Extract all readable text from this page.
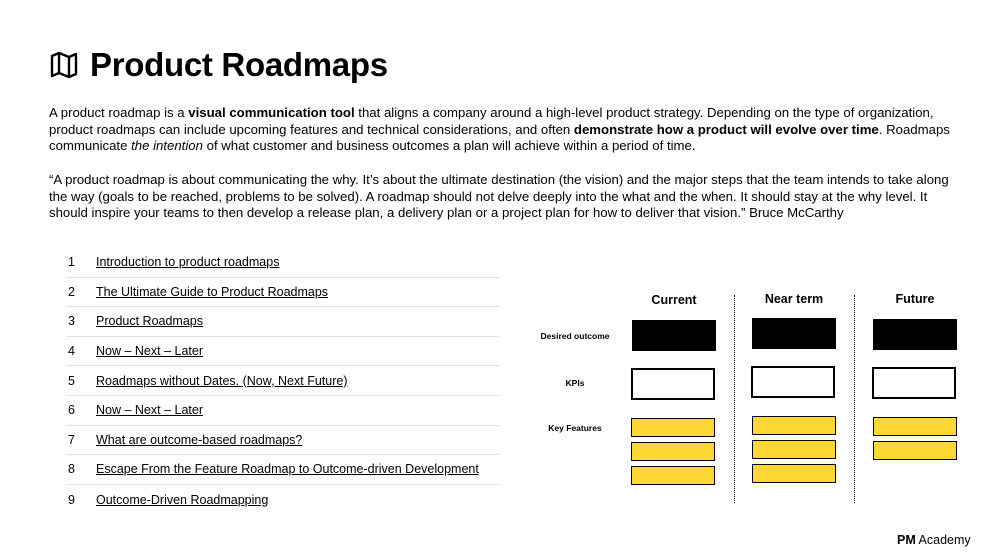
Product Roadmaps
A product roadmap is a visual communication tool that aligns a company around a high-level product strategy. Depending on the type of organization, product roadmaps can include upcoming features and technical considerations, and often demonstrate how a product will evolve over time. Roadmaps communicate the intention of what customer and business outcomes a plan will achieve within a period of time.
“A product roadmap is about communicating the why. It’s about the ultimate destination (the vision) and the major steps that the team intends to take along the way (goals to be reached, problems to be solved). A roadmap should not delve deeply into the what and the when. It should stay at the why level. It should inspire your teams to then develop a release plan, a delivery plan or a project plan for how to deliver that vision.” Bruce McCarthy
1	Introduction to product roadmaps
2	The Ultimate Guide to Product Roadmaps
3	Product Roadmaps
4	Now – Next – Later
5	Roadmaps without Dates. (Now, Next Future)
6	Now – Next – Later
7	What are outcome-based roadmaps?
8	Escape From the Feature Roadmap to Outcome-driven Development
9	Outcome-Driven Roadmapping
Current	Near term	Future
Desired outcome
KPIs
Key Features
PM Academy
